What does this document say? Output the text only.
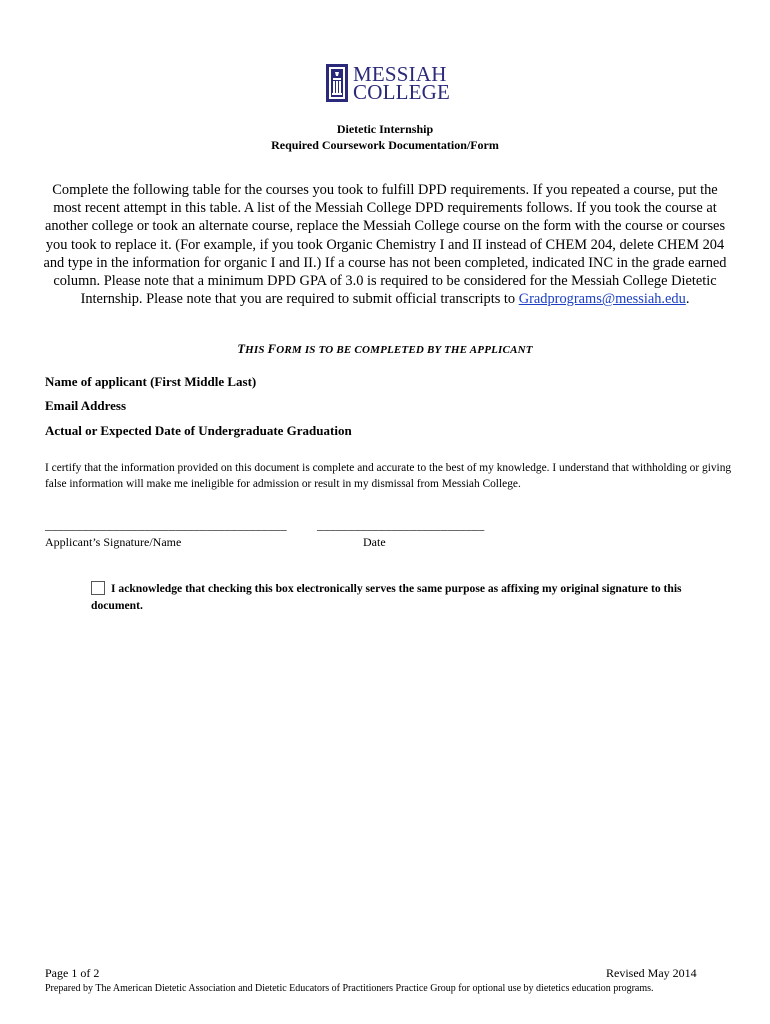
MESSIAH
COLLEGE
Dietetic Internship
Required Coursework Documentation/Form
Complete the following table for the courses you took to fulfill DPD requirements. If you repeated a course, put the most recent attempt in this table. A list of the Messiah College DPD requirements follows. If you took the course at another college or took an alternate course, replace the Messiah College course on the form with the course or courses you took to replace it. (For example, if you took Organic Chemistry I and II instead of CHEM 204, delete CHEM 204 and type in the information for organic I and II.) If a course has not been completed, indicated INC in the grade earned column. Please note that a minimum DPD GPA of 3.0 is required to be considered for the Messiah College Dietetic Internship. Please note that you are required to submit official transcripts to Gradprograms@messiah.edu.
THIS FORM IS TO BE COMPLETED BY THE APPLICANT
Name of applicant (First Middle Last)
Email Address
Actual or Expected Date of Undergraduate Graduation
I certify that the information provided on this document is complete and accurate to the best of my knowledge. I understand that withholding or giving false information will make me ineligible for admission or result in my dismissal from Messiah College.
_______________________________________	___________________________
Applicant’s Signature/Name	Date
I acknowledge that checking this box electronically serves the same purpose as affixing my original signature to this document.
Page 1 of 2	Revised May 2014
Prepared by The American Dietetic Association and Dietetic Educators of Practitioners Practice Group for optional use by dietetics education programs.
